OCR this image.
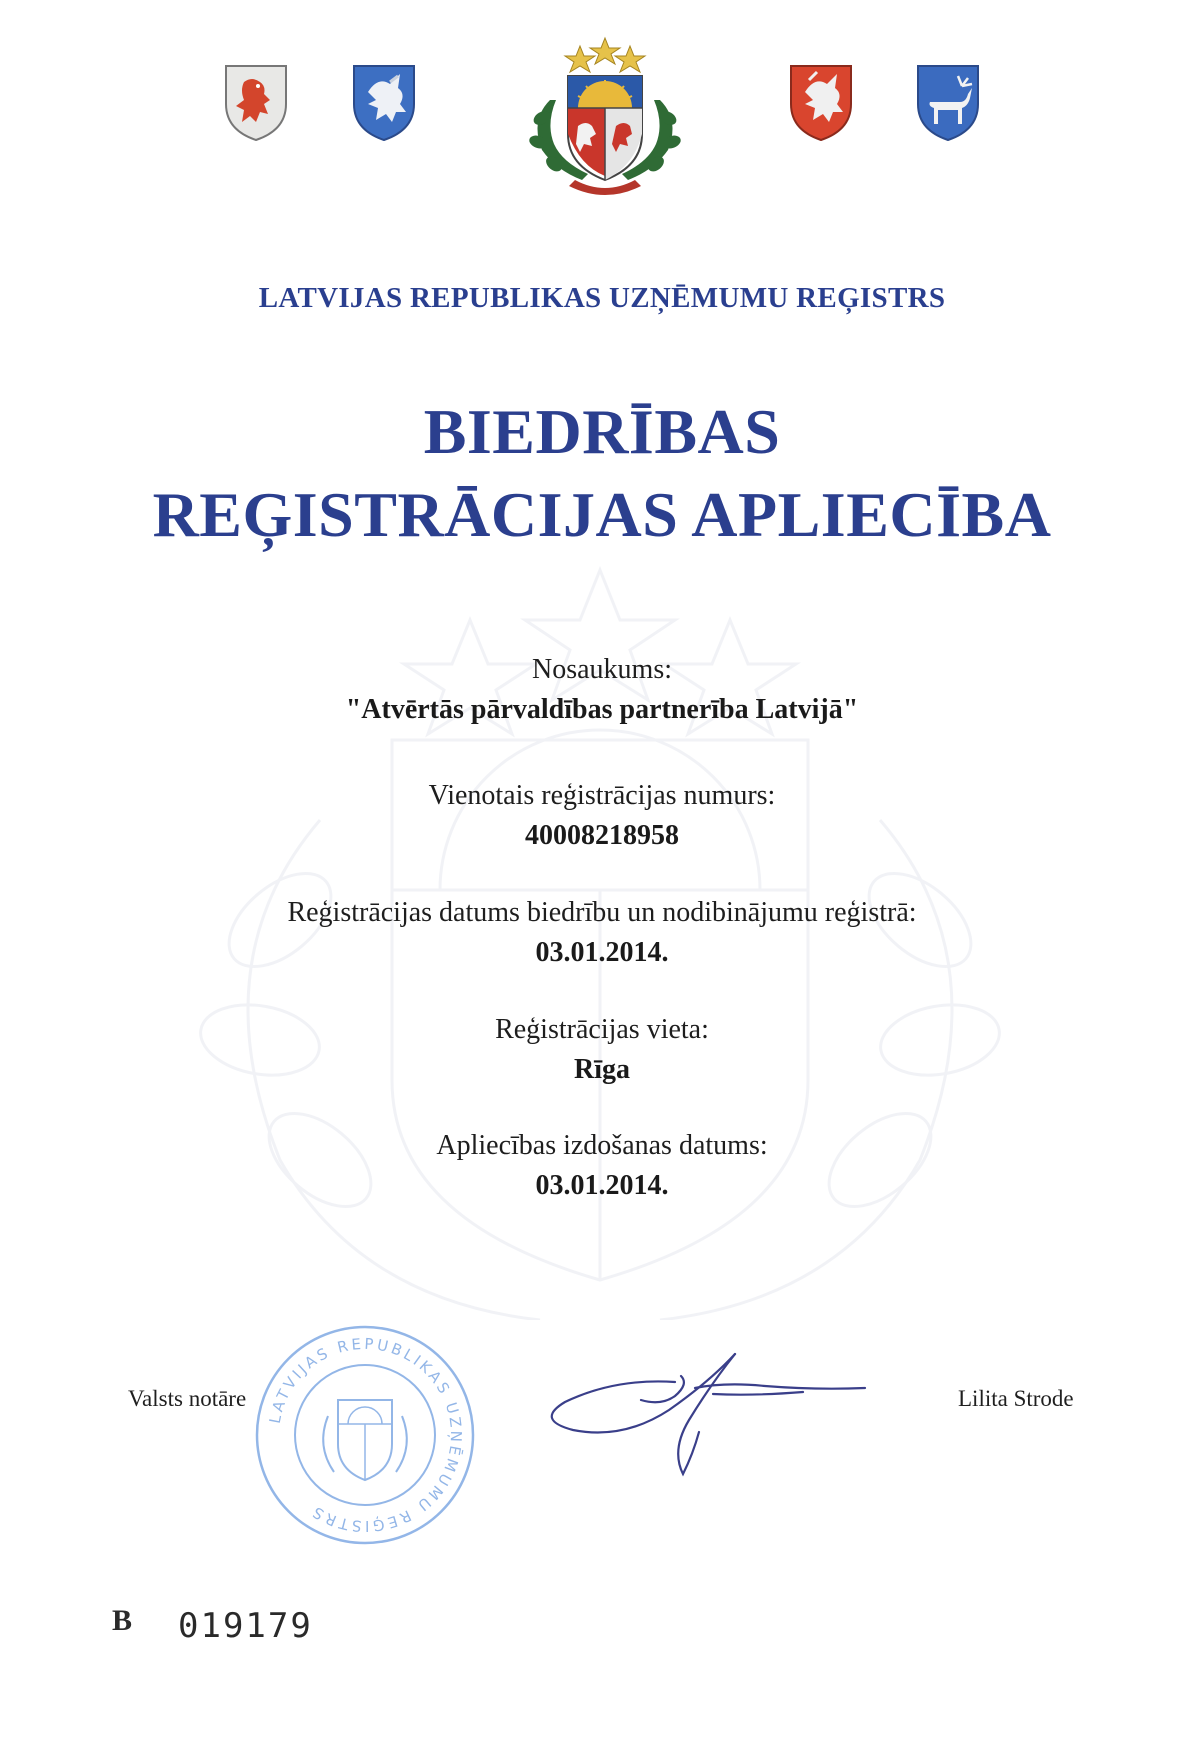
LATVIJAS REPUBLIKAS UZŅĒMUMU REĢISTRS
BIEDRĪBAS
REĢISTRĀCIJAS APLIECĪBA
Nosaukums:
"Atvērtās pārvaldības partnerība Latvijā"
Vienotais reģistrācijas numurs:
40008218958
Reģistrācijas datums biedrību un nodibinājumu reģistrā:
03.01.2014.
Reģistrācijas vieta:
Rīga
Apliecības izdošanas datums:
03.01.2014.
LATVIJAS REPUBLIKAS UZŅĒMUMU REĢISTRS
Valsts notāre	Lilita Strode
B 019179
